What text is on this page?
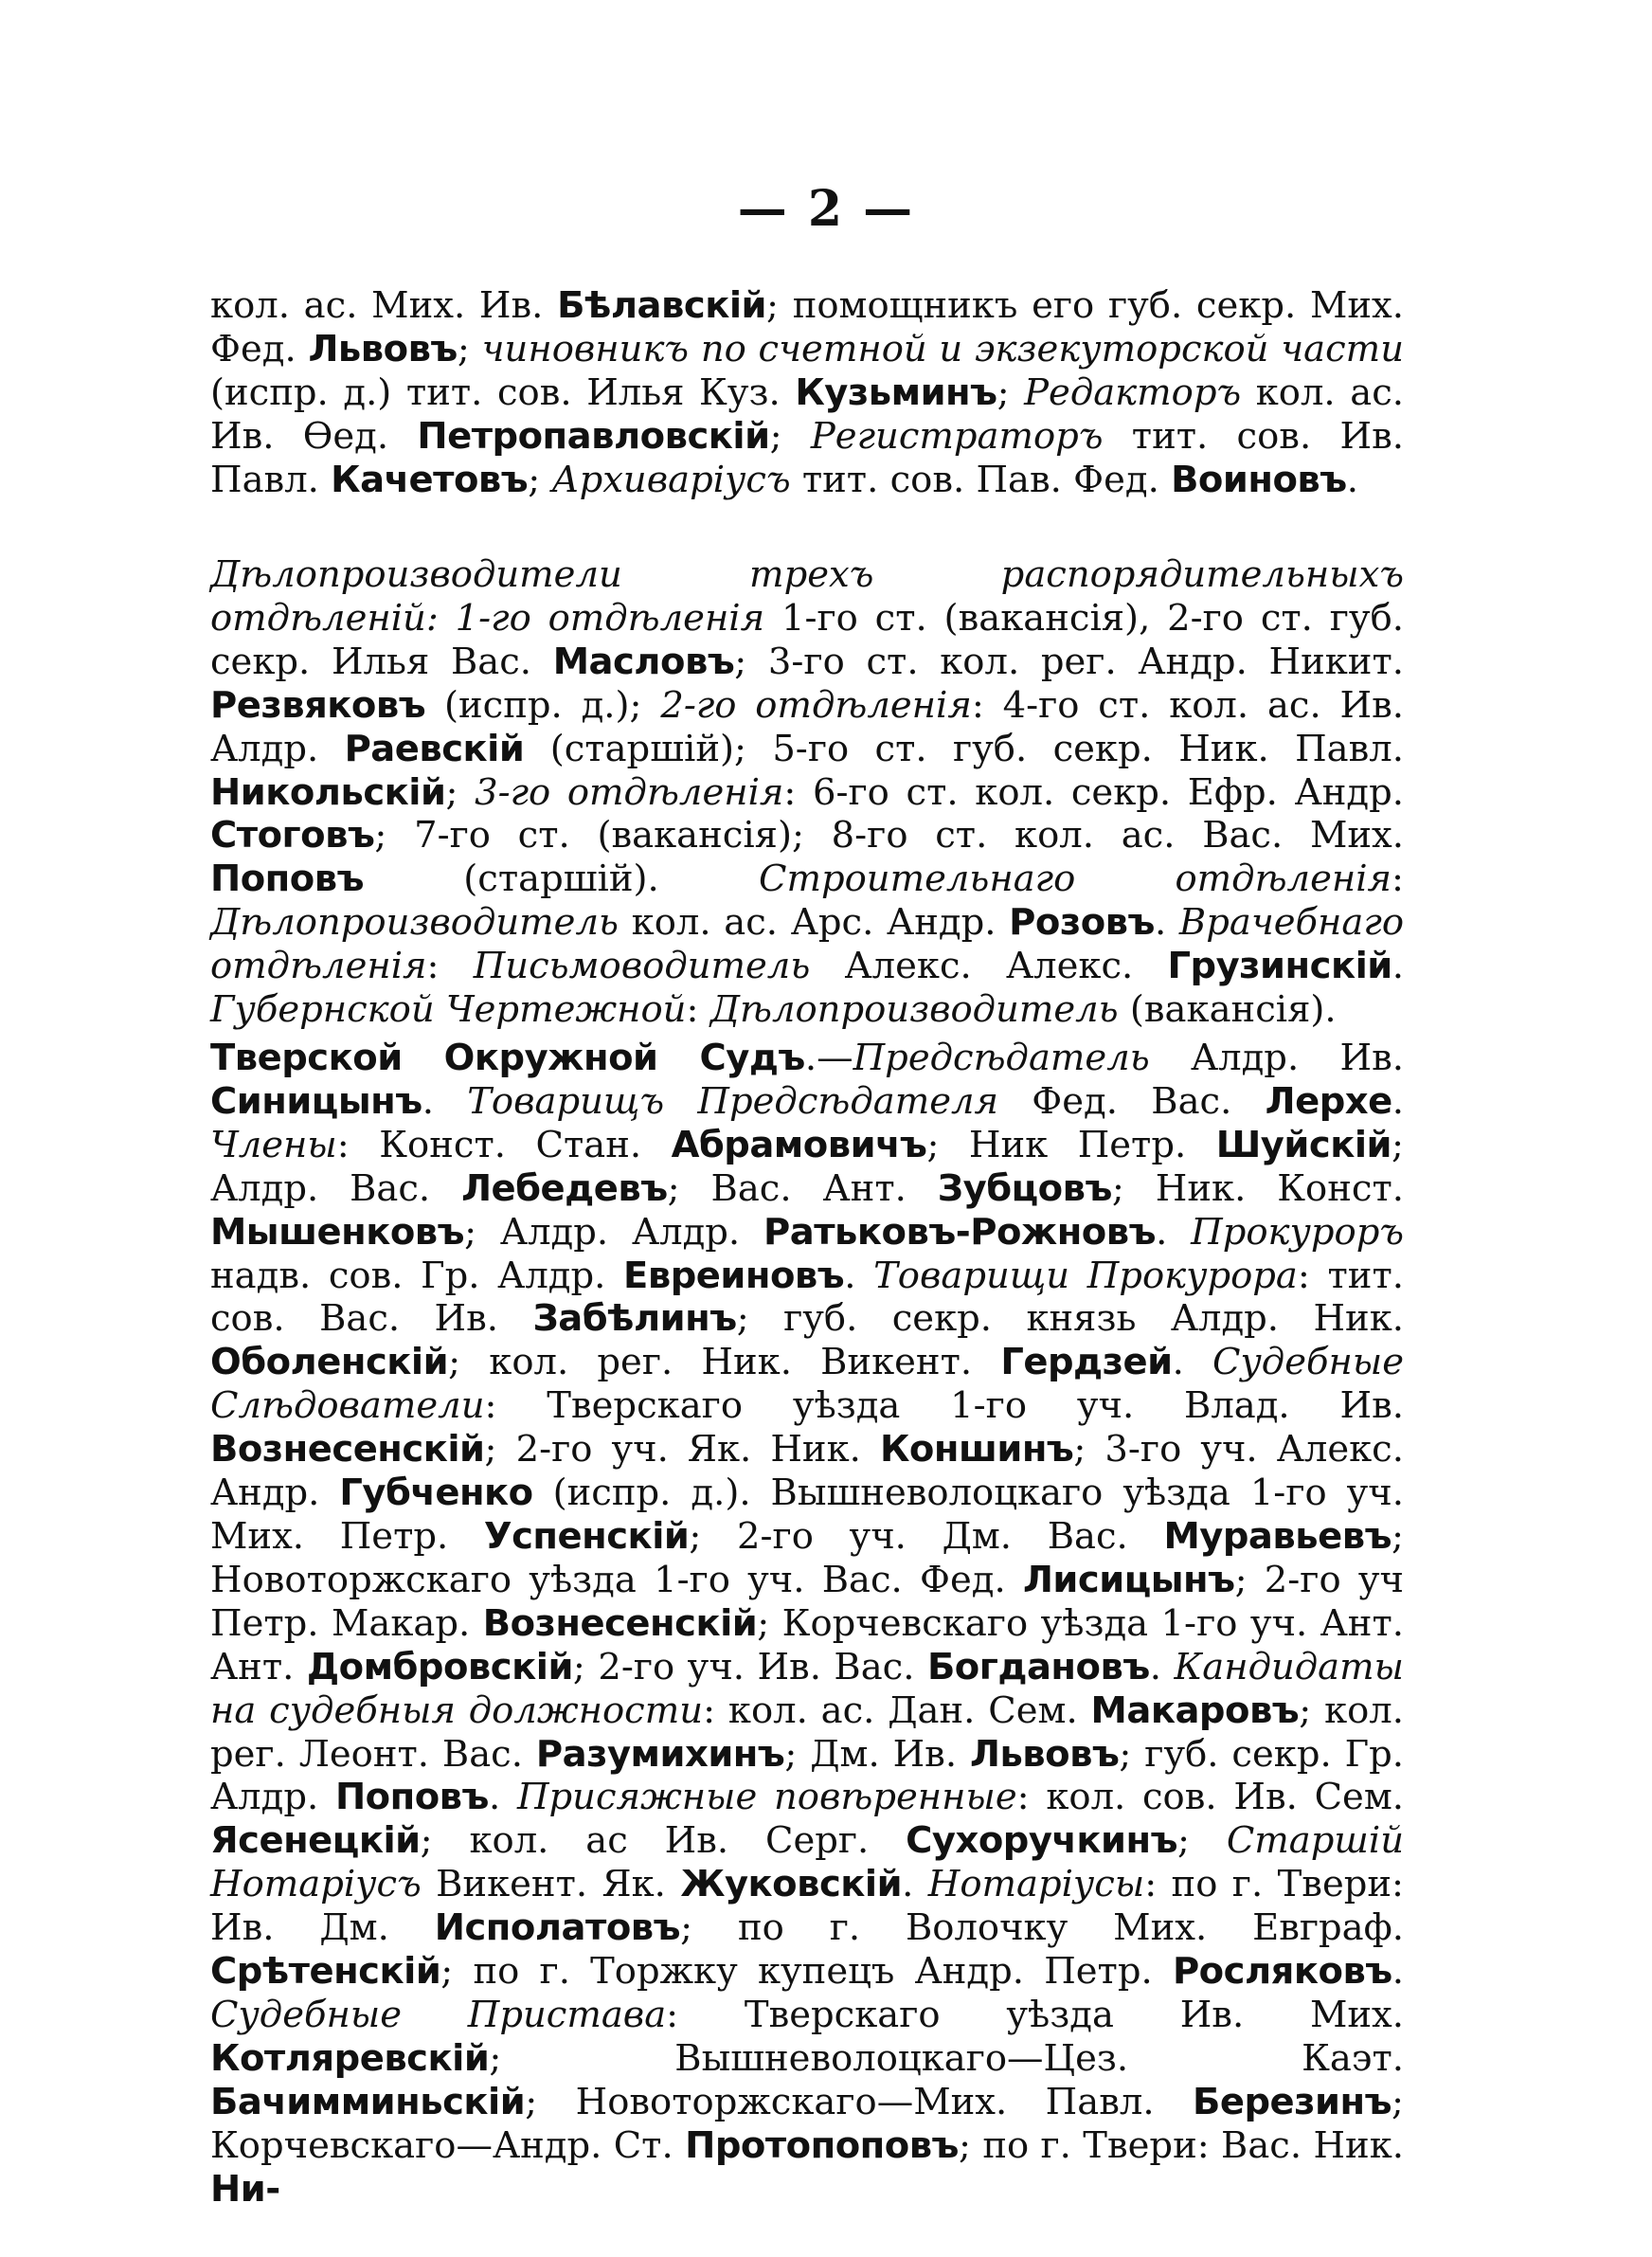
— 2 —

кол. ас. Мих. Ив. Бѣлавскій; помощникъ его губ. секр. Мих. Фед. Львовъ; чиновникъ по счетной и экзекуторской части (испр. д.) тит. сов. Илья Куз. Кузьминъ; Редакторъ кол. ас. Ив. Ѳед. Петропавловскій; Регистраторъ тит. сов. Ив. Павл. Качетовъ; Архиваріусъ тит. сов. Пав. Фед. Воиновъ.

Дѣлопроизводители трехъ распорядительныхъ отдѣленій: 1-го отдѣленія 1-го ст. (вакансія), 2-го ст. губ. секр. Илья Вас. Масловъ; 3-го ст. кол. рег. Андр. Никит. Резвяковъ (испр. д.); 2-го отдѣленія: 4-го ст. кол. ас. Ив. Алдр. Раевскій (старшій); 5-го ст. губ. секр. Ник. Павл. Никольскій; 3-го отдѣленія: 6-го ст. кол. секр. Ефр. Андр. Стоговъ; 7-го ст. (вакансія); 8-го ст. кол. ас. Вас. Мих. Поповъ (старшій). Строительнаго отдѣленія: Дѣлопроизводитель кол. ас. Арс. Андр. Розовъ. Врачебнаго отдѣленія: Письмоводитель Алекс. Алекс. Грузинскій. Губернской Чертежной: Дѣлопроизводитель (вакансія).

Тверской Окружной Судъ.—Предсѣдатель Алдр. Ив. Синицынъ. Товарищъ Предсѣдателя Фед. Вас. Лерхе. Члены: Конст. Стан. Абрамовичъ; Ник Петр. Шуйскій; Алдр. Вас. Лебедевъ; Вас. Ант. Зубцовъ; Ник. Конст. Мышенковъ; Алдр. Алдр. Ратьковъ-Рожновъ. Прокуроръ надв. сов. Гр. Алдр. Евреиновъ. Товарищи Прокурора: тит. сов. Вас. Ив. Забѣлинъ; губ. секр. князь Алдр. Ник. Оболенскій; кол. рег. Ник. Викент. Гердзей. Судебные Слѣдователи: Тверскаго уѣзда 1-го уч. Влад. Ив. Вознесенскій; 2-го уч. Як. Ник. Коншинъ; 3-го уч. Алекс. Андр. Губченко (испр. д.). Вышневолоцкаго уѣзда 1-го уч. Мих. Петр. Успенскій; 2-го уч. Дм. Вас. Муравьевъ; Новоторжскаго уѣзда 1-го уч. Вас. Фед. Лисицынъ; 2-го уч Петр. Макар. Вознесенскій; Корчевскаго уѣзда 1-го уч. Ант. Ант. Домбровскій; 2-го уч. Ив. Вас. Богдановъ. Кандидаты на судебныя должности: кол. ас. Дан. Сем. Макаровъ; кол. рег. Леонт. Вас. Разумихинъ; Дм. Ив. Львовъ; губ. секр. Гр. Алдр. Поповъ. Присяжные повѣренные: кол. сов. Ив. Сем. Ясенецкій; кол. ас Ив. Серг. Сухоручкинъ; Старшій Нотаріусъ Викент. Як. Жуковскій. Нотаріусы: по г. Твери: Ив. Дм. Исполатовъ; по г. Волочку Мих. Евграф. Срѣтенскій; по г. Торжку купецъ Андр. Петр. Росляковъ. Судебные Пристава: Тверскаго уѣзда Ив. Мих. Котляревскій; Вышневолоцкаго—Цез. Каэт. Бачимминьскій; Новоторжскаго—Мих. Павл. Березинъ; Корчевскаго—Андр. Ст. Протопоповъ; по г. Твери: Вас. Ник. Ни-
